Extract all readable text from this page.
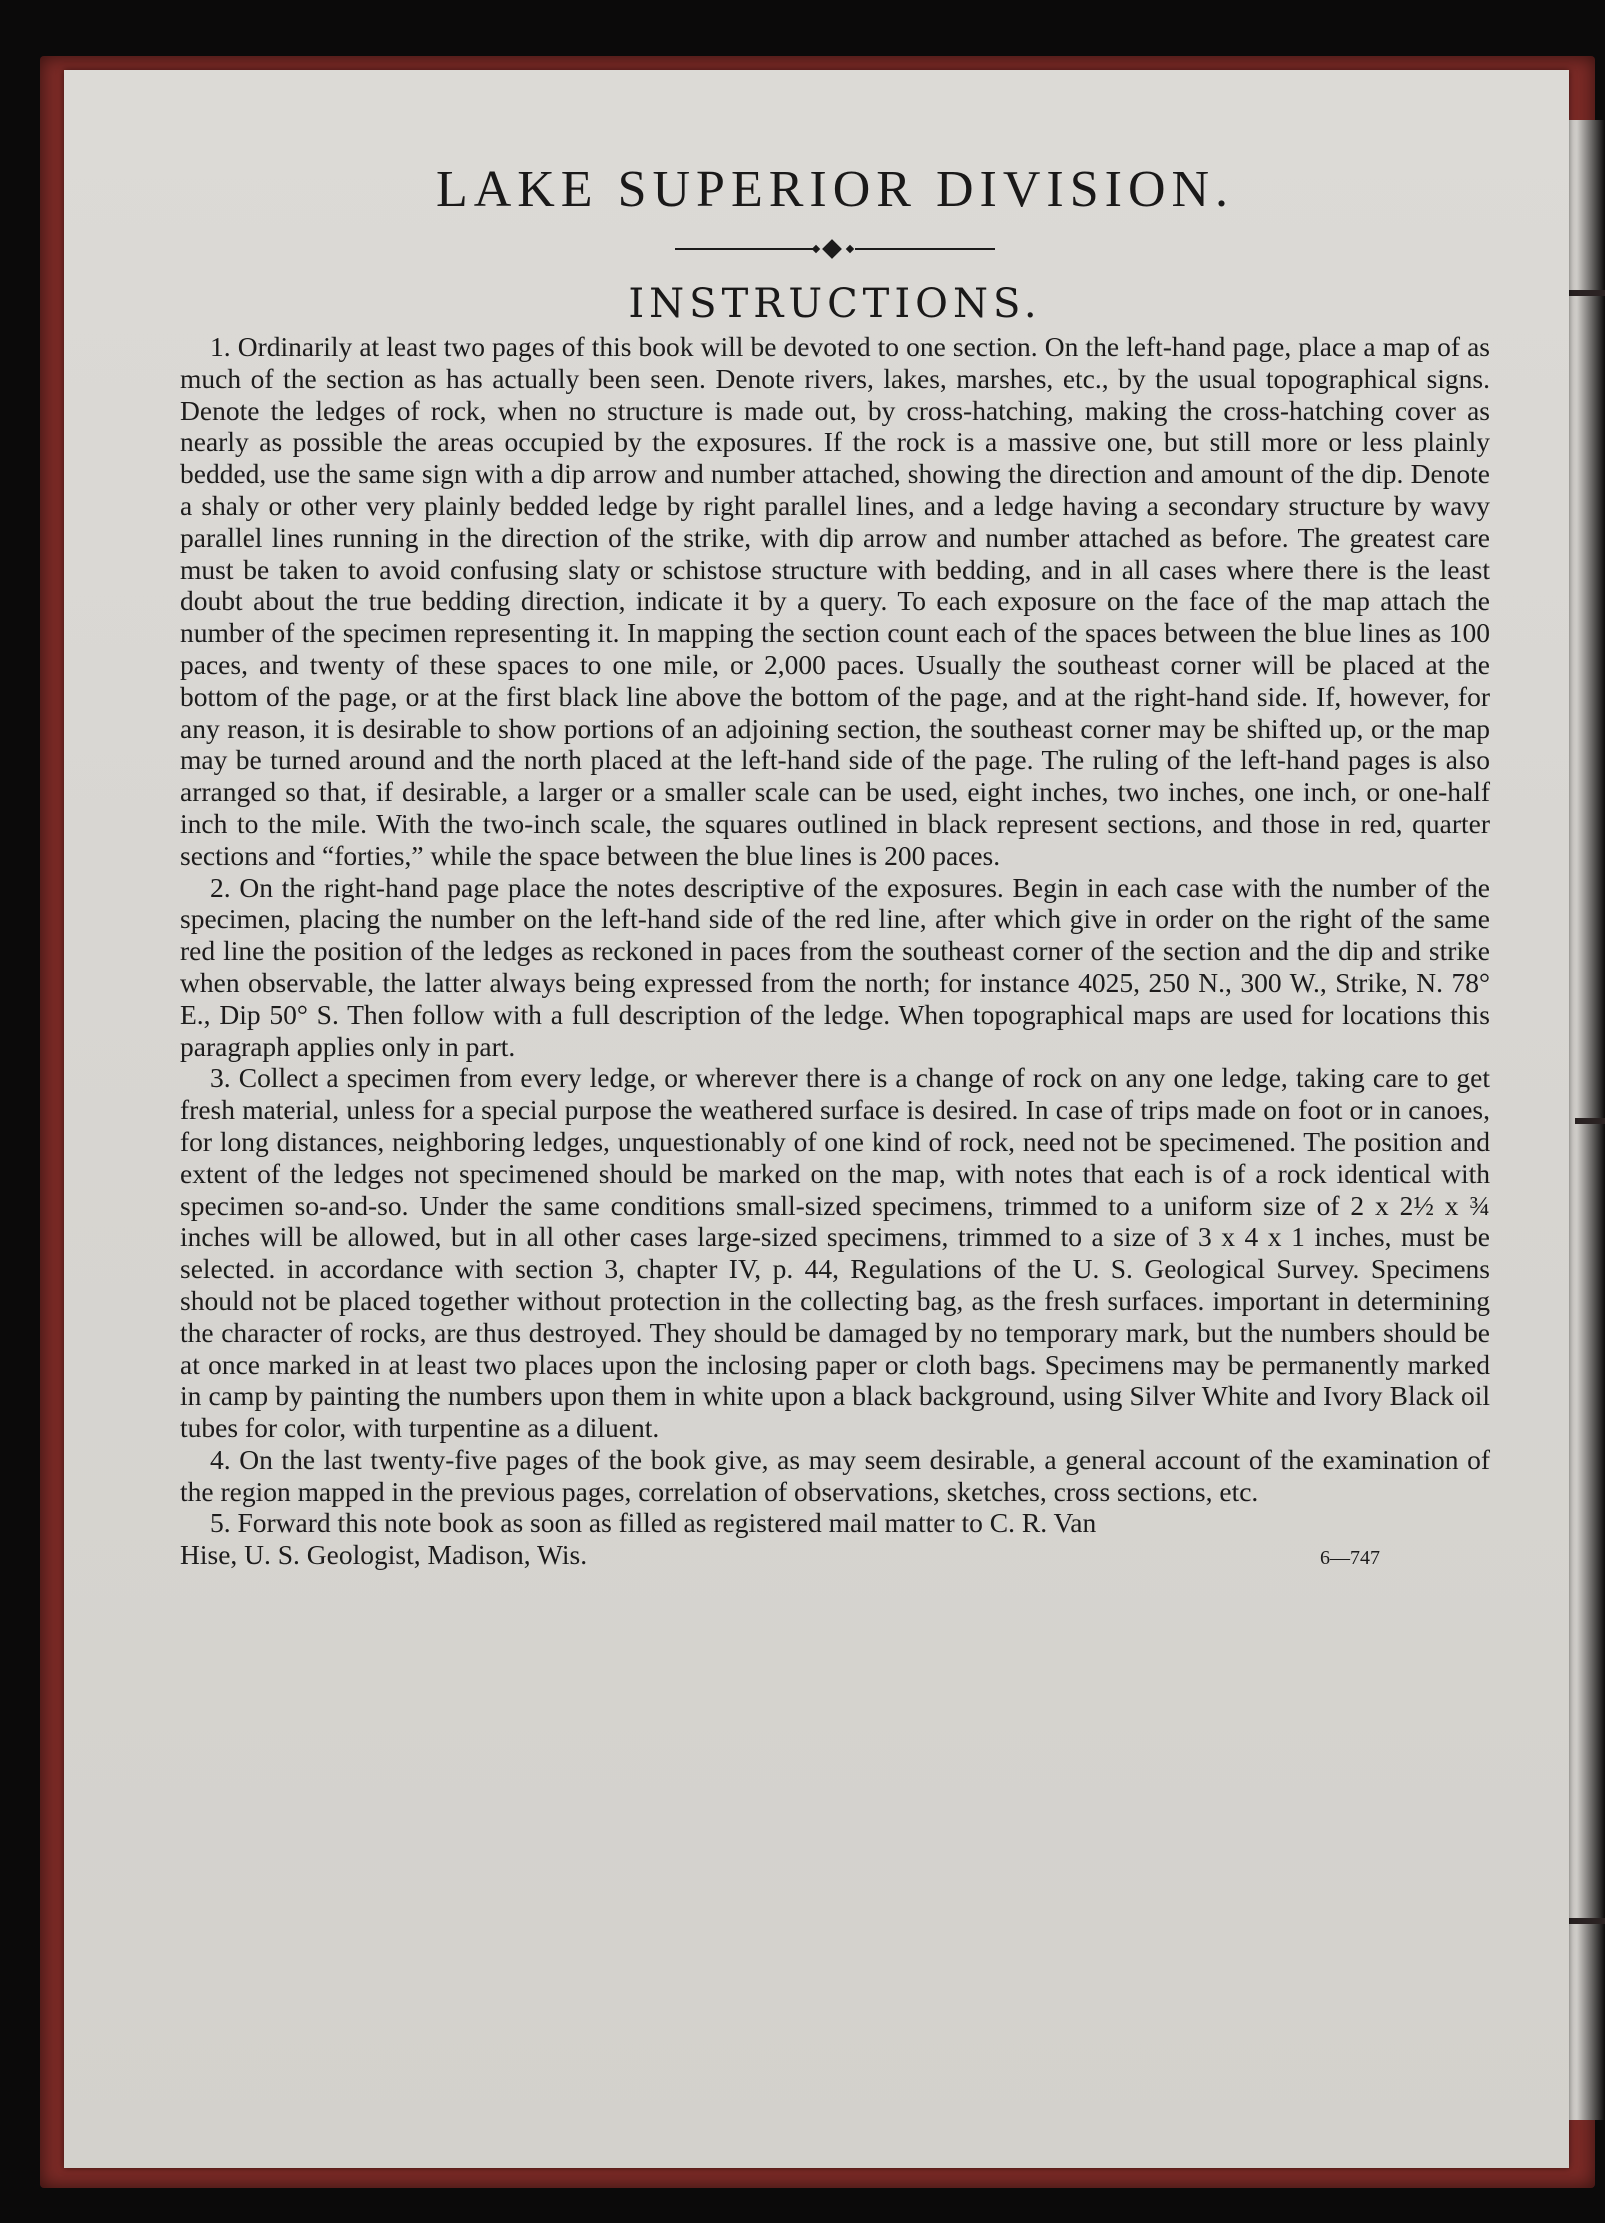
LAKE SUPERIOR DIVISION.
INSTRUCTIONS.

1. Ordinarily at least two pages of this book will be devoted to one section. On the left-hand page, place a map of as much of the section as has actually been seen. Denote rivers, lakes, marshes, etc., by the usual topographical signs. Denote the ledges of rock, when no structure is made out, by cross-hatching, making the cross-hatching cover as nearly as possible the areas occupied by the exposures. If the rock is a massive one, but still more or less plainly bedded, use the same sign with a dip arrow and number attached, showing the direction and amount of the dip. Denote a shaly or other very plainly bedded ledge by right parallel lines, and a ledge having a secondary structure by wavy parallel lines running in the direction of the strike, with dip arrow and number attached as before. The greatest care must be taken to avoid confusing slaty or schistose structure with bedding, and in all cases where there is the least doubt about the true bedding direction, indicate it by a query. To each exposure on the face of the map attach the number of the specimen representing it. In mapping the section count each of the spaces between the blue lines as 100 paces, and twenty of these spaces to one mile, or 2,000 paces. Usually the southeast corner will be placed at the bottom of the page, or at the first black line above the bottom of the page, and at the right-hand side. If, however, for any reason, it is desirable to show portions of an adjoining section, the southeast corner may be shifted up, or the map may be turned around and the north placed at the left-hand side of the page. The ruling of the left-hand pages is also arranged so that, if desirable, a larger or a smaller scale can be used, eight inches, two inches, one inch, or one-half inch to the mile. With the two-inch scale, the squares outlined in black represent sections, and those in red, quarter sections and “forties,” while the space between the blue lines is 200 paces.

2. On the right-hand page place the notes descriptive of the exposures. Begin in each case with the number of the specimen, placing the number on the left-hand side of the red line, after which give in order on the right of the same red line the position of the ledges as reckoned in paces from the southeast corner of the section and the dip and strike when observable, the latter always being expressed from the north; for instance 4025, 250 N., 300 W., Strike, N. 78° E., Dip 50° S. Then follow with a full description of the ledge. When topographical maps are used for locations this paragraph applies only in part.

3. Collect a specimen from every ledge, or wherever there is a change of rock on any one ledge, taking care to get fresh material, unless for a special purpose the weathered surface is desired. In case of trips made on foot or in canoes, for long distances, neighboring ledges, unquestionably of one kind of rock, need not be specimened. The position and extent of the ledges not specimened should be marked on the map, with notes that each is of a rock identical with specimen so-and-so. Under the same conditions small-sized specimens, trimmed to a uniform size of 2 x 2½ x ¾ inches will be allowed, but in all other cases large-sized specimens, trimmed to a size of 3 x 4 x 1 inches, must be selected. in accordance with section 3, chapter IV, p. 44, Regulations of the U. S. Geological Survey. Specimens should not be placed together without protection in the collecting bag, as the fresh surfaces. important in determining the character of rocks, are thus destroyed. They should be damaged by no temporary mark, but the numbers should be at once marked in at least two places upon the inclosing paper or cloth bags. Specimens may be permanently marked in camp by painting the numbers upon them in white upon a black background, using Silver White and Ivory Black oil tubes for color, with turpentine as a diluent.

4. On the last twenty-five pages of the book give, as may seem desirable, a general account of the examination of the region mapped in the previous pages, correlation of observations, sketches, cross sections, etc.

5. Forward this note book as soon as filled as registered mail matter to C. R. Van

Hise, U. S. Geologist, Madison, Wis.	6—747
